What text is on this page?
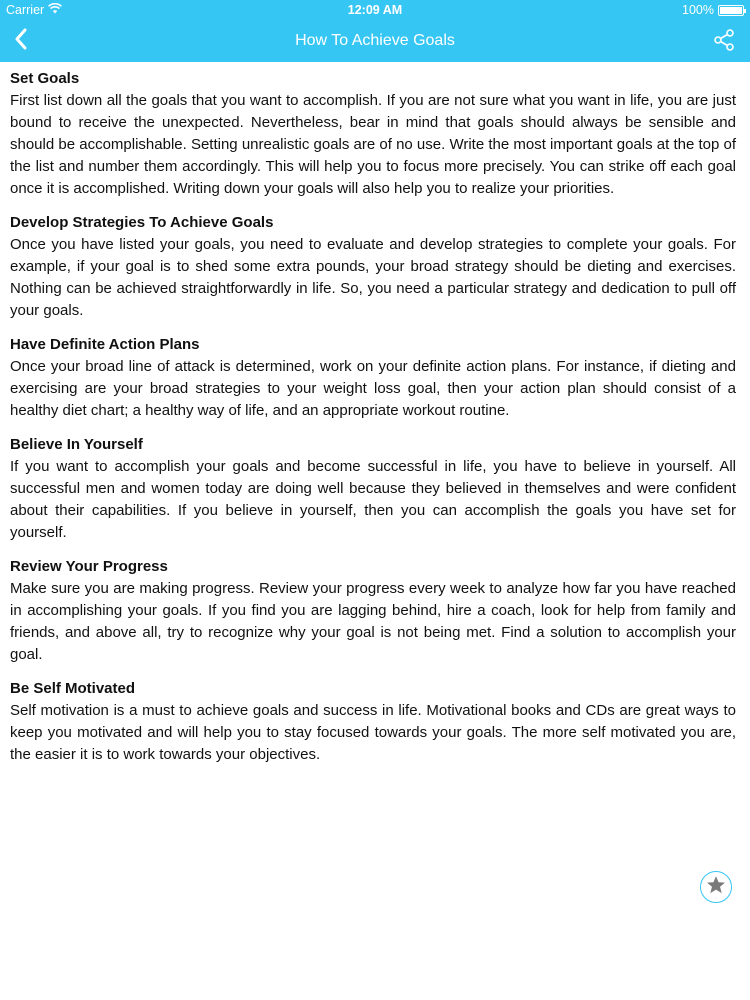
Carrier	12:09 AM	100%
How To Achieve Goals
Set Goals
First list down all the goals that you want to accomplish. If you are not sure what you want in life, you are just bound to receive the unexpected. Nevertheless, bear in mind that goals should always be sensible and should be accomplishable. Setting unrealistic goals are of no use. Write the most important goals at the top of the list and number them accordingly. This will help you to focus more precisely. You can strike off each goal once it is accomplished. Writing down your goals will also help you to realize your priorities.
Develop Strategies To Achieve Goals
Once you have listed your goals, you need to evaluate and develop strategies to complete your goals. For example, if your goal is to shed some extra pounds, your broad strategy should be dieting and exercises. Nothing can be achieved straightforwardly in life. So, you need a particular strategy and dedication to pull off your goals.
Have Definite Action Plans
Once your broad line of attack is determined, work on your definite action plans. For instance, if dieting and exercising are your broad strategies to your weight loss goal, then your action plan should consist of a healthy diet chart; a healthy way of life, and an appropriate workout routine.
Believe In Yourself
If you want to accomplish your goals and become successful in life, you have to believe in yourself. All successful men and women today are doing well because they believed in themselves and were confident about their capabilities. If you believe in yourself, then you can accomplish the goals you have set for yourself.
Review Your Progress
Make sure you are making progress. Review your progress every week to analyze how far you have reached in accomplishing your goals. If you find you are lagging behind, hire a coach, look for help from family and friends, and above all, try to recognize why your goal is not being met. Find a solution to accomplish your goal.
Be Self Motivated
Self motivation is a must to achieve goals and success in life. Motivational books and CDs are great ways to keep you motivated and will help you to stay focused towards your goals. The more self motivated you are, the easier it is to work towards your objectives.
